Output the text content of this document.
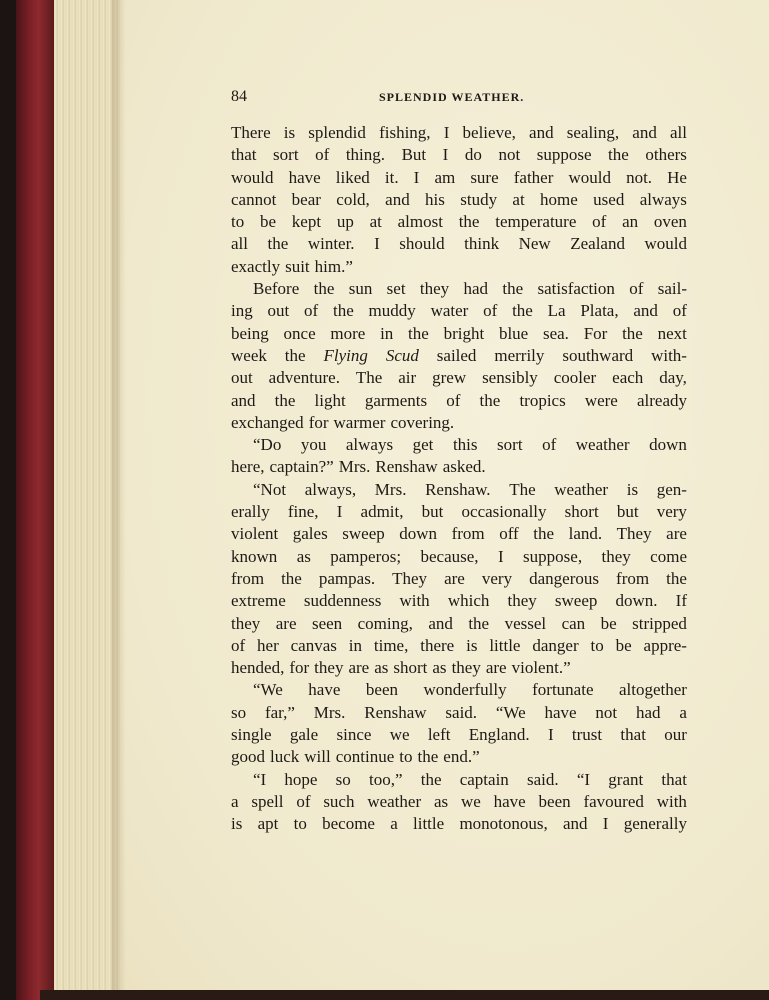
84	SPLENDID WEATHER.
There is splendid fishing, I believe, and sealing, and all
that sort of thing. But I do not suppose the others
would have liked it. I am sure father would not. He
cannot bear cold, and his study at home used always
to be kept up at almost the temperature of an oven
all the winter. I should think New Zealand would
exactly suit him.”
Before the sun set they had the satisfaction of sail-
ing out of the muddy water of the La Plata, and of
being once more in the bright blue sea. For the next
week the Flying Scud sailed merrily southward with-
out adventure. The air grew sensibly cooler each day,
and the light garments of the tropics were already
exchanged for warmer covering.
“Do you always get this sort of weather down
here, captain?” Mrs. Renshaw asked.
“Not always, Mrs. Renshaw. The weather is gen-
erally fine, I admit, but occasionally short but very
violent gales sweep down from off the land. They are
known as pamperos; because, I suppose, they come
from the pampas. They are very dangerous from the
extreme suddenness with which they sweep down. If
they are seen coming, and the vessel can be stripped
of her canvas in time, there is little danger to be appre-
hended, for they are as short as they are violent.”
“We have been wonderfully fortunate altogether
so far,” Mrs. Renshaw said. “We have not had a
single gale since we left England. I trust that our
good luck will continue to the end.”
“I hope so too,” the captain said. “I grant that
a spell of such weather as we have been favoured with
is apt to become a little monotonous, and I generally
